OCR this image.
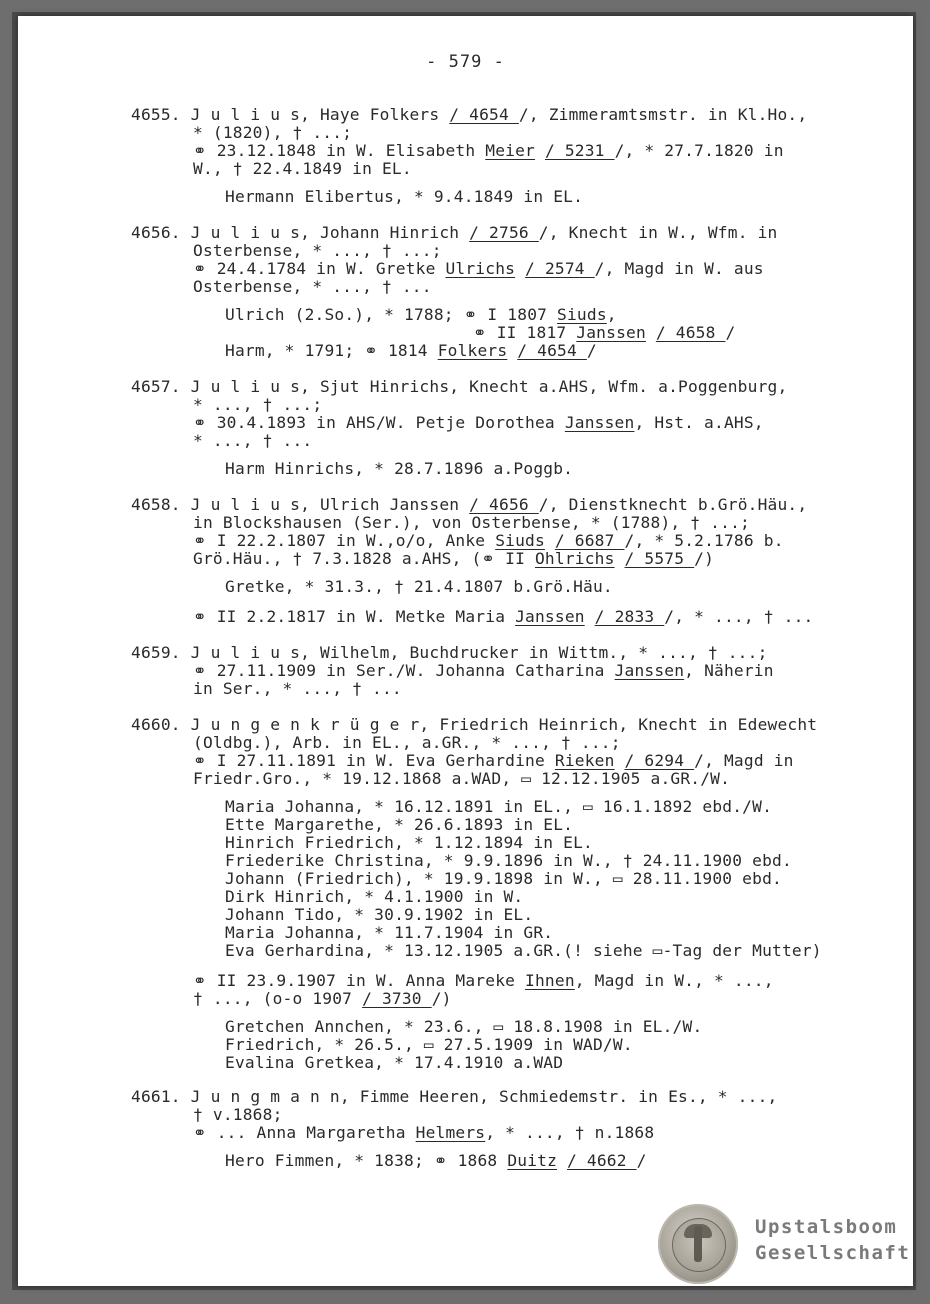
- 579 -
4655. J u l i u s, Haye Folkers / 4654 /, Zimmeramtsmstr. in Kl.Ho.,
* (1820), † ...;
⚭ 23.12.1848 in W. Elisabeth Meier / 5231 /, * 27.7.1820 in
W., † 22.4.1849 in EL.
Hermann Elibertus, * 9.4.1849 in EL.
4656. J u l i u s, Johann Hinrich / 2756 /, Knecht in W., Wfm. in
Osterbense, * ..., † ...;
⚭ 24.4.1784 in W. Gretke Ulrichs / 2574 /, Magd in W. aus
Osterbense, * ..., † ...
Ulrich (2.So.), * 1788; ⚭ I 1807 Siuds,
⚭ II 1817 Janssen / 4658 /
Harm, * 1791; ⚭ 1814 Folkers / 4654 /
4657. J u l i u s, Sjut Hinrichs, Knecht a.AHS, Wfm. a.Poggenburg,
* ..., † ...;
⚭ 30.4.1893 in AHS/W. Petje Dorothea Janssen, Hst. a.AHS,
* ..., † ...
Harm Hinrichs, * 28.7.1896 a.Poggb.
4658. J u l i u s, Ulrich Janssen / 4656 /, Dienstknecht b.Grö.Häu.,
in Blockshausen (Ser.), von Osterbense, * (1788), † ...;
⚭ I 22.2.1807 in W.,o/o, Anke Siuds / 6687 /, * 5.2.1786 b.
Grö.Häu., † 7.3.1828 a.AHS, (⚭ II Ohlrichs / 5575 /)
Gretke, * 31.3., † 21.4.1807 b.Grö.Häu.
⚭ II 2.2.1817 in W. Metke Maria Janssen / 2833 /, * ..., † ...
4659. J u l i u s, Wilhelm, Buchdrucker in Wittm., * ..., † ...;
⚭ 27.11.1909 in Ser./W. Johanna Catharina Janssen, Näherin
in Ser., * ..., † ...
4660. J u n g e n k r ü g e r, Friedrich Heinrich, Knecht in Edewecht
(Oldbg.), Arb. in EL., a.GR., * ..., † ...;
⚭ I 27.11.1891 in W. Eva Gerhardine Rieken / 6294 /, Magd in
Friedr.Gro., * 19.12.1868 a.WAD, ▭ 12.12.1905 a.GR./W.
Maria Johanna, * 16.12.1891 in EL., ▭ 16.1.1892 ebd./W.
Ette Margarethe, * 26.6.1893 in EL.
Hinrich Friedrich, * 1.12.1894 in EL.
Friederike Christina, * 9.9.1896 in W., † 24.11.1900 ebd.
Johann (Friedrich), * 19.9.1898 in W., ▭ 28.11.1900 ebd.
Dirk Hinrich, * 4.1.1900 in W.
Johann Tido, * 30.9.1902 in EL.
Maria Johanna, * 11.7.1904 in GR.
Eva Gerhardina, * 13.12.1905 a.GR.(! siehe ▭-Tag der Mutter)
⚭ II 23.9.1907 in W. Anna Mareke Ihnen, Magd in W., * ...,
† ..., (o-o 1907 / 3730 /)
Gretchen Annchen, * 23.6., ▭ 18.8.1908 in EL./W.
Friedrich, * 26.5., ▭ 27.5.1909 in WAD/W.
Evalina Gretkea, * 17.4.1910 a.WAD
4661. J u n g m a n n, Fimme Heeren, Schmiedemstr. in Es., * ...,
† v.1868;
⚭ ... Anna Margaretha Helmers, * ..., † n.1868
Hero Fimmen, * 1838; ⚭ 1868 Duitz / 4662 /
Upstalsboom
Gesellschaft
